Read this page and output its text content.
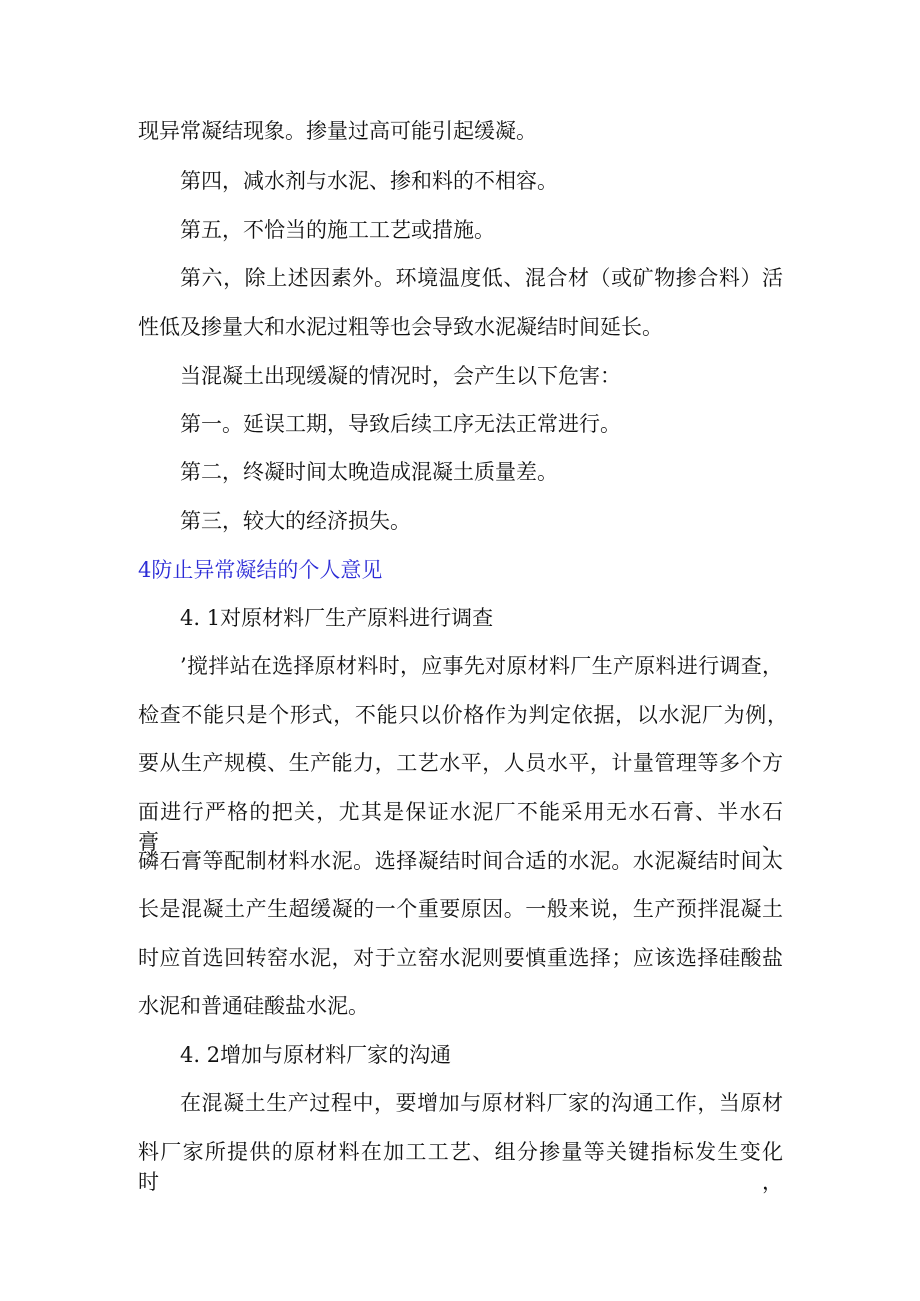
现异常凝结现象。掺量过高可能引起缓凝。
第四，减水剂与水泥、掺和料的不相容。
第五，不恰当的施工工艺或措施。
第六，除上述因素外。环境温度低、混合材（或矿物掺合料）活
性低及掺量大和水泥过粗等也会导致水泥凝结时间延长。
当混凝土出现缓凝的情况时，会产生以下危害：
第一。延误工期，导致后续工序无法正常进行。
第二，终凝时间太晚造成混凝土质量差。
第三，较大的经济损失。
4防止异常凝结的个人意见
4. 1对原材料厂生产原料进行调查
’搅拌站在选择原材料时，应事先对原材料厂生产原料进行调查，
检查不能只是个形式，不能只以价格作为判定依据，以水泥厂为例，
要从生产规模、生产能力，工艺水平，人员水平，计量管理等多个方
面进行严格的把关，尤其是保证水泥厂不能采用无水石膏、半水石膏、
磷石膏等配制材料水泥。选择凝结时间合适的水泥。水泥凝结时间太
长是混凝土产生超缓凝的一个重要原因。一般来说，生产预拌混凝土
时应首选回转窑水泥，对于立窑水泥则要慎重选择；应该选择硅酸盐
水泥和普通硅酸盐水泥。
4. 2增加与原材料厂家的沟通
在混凝土生产过程中，要增加与原材料厂家的沟通工作，当原材
料厂家所提供的原材料在加工工艺、组分掺量等关键指标发生变化时，
